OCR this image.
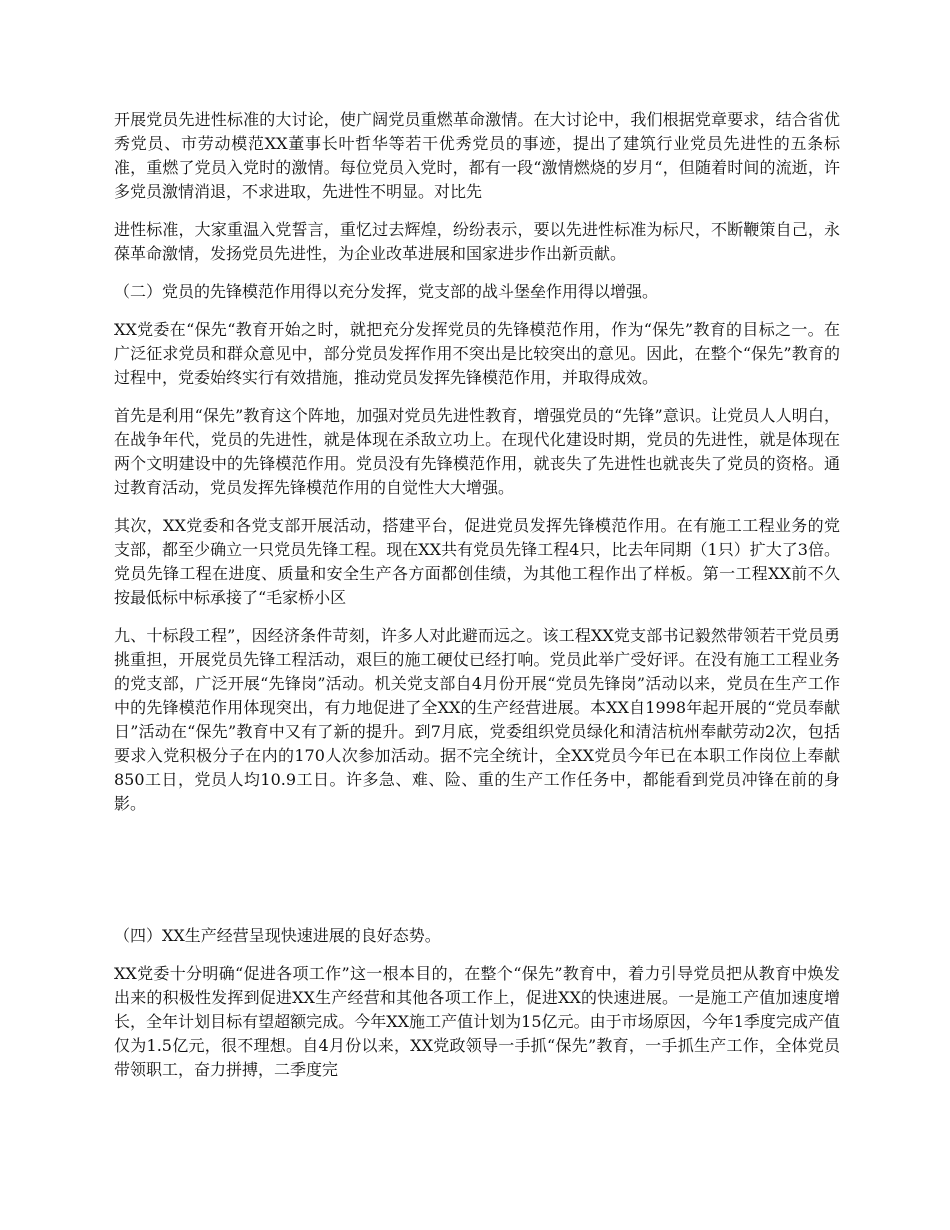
开展党员先进性标准的大讨论，使广阔党员重燃革命激情。在大讨论中，我们根据党章要求，结合省优秀党员、市劳动模范XX董事长叶哲华等若干优秀党员的事迹，提出了建筑行业党员先进性的五条标准，重燃了党员入党时的激情。每位党员入党时，都有一段“激情燃烧的岁月“，但随着时间的流逝，许多党员激情消退，不求进取，先进性不明显。对比先

进性标准，大家重温入党誓言，重忆过去辉煌，纷纷表示，要以先进性标准为标尺，不断鞭策自己，永葆革命激情，发扬党员先进性，为企业改革进展和国家进步作出新贡献。

（二）党员的先锋模范作用得以充分发挥，党支部的战斗堡垒作用得以增强。

XX党委在“保先“教育开始之时，就把充分发挥党员的先锋模范作用，作为“保先”教育的目标之一。在广泛征求党员和群众意见中，部分党员发挥作用不突出是比较突出的意见。因此，在整个“保先”教育的过程中，党委始终实行有效措施，推动党员发挥先锋模范作用，并取得成效。

首先是利用“保先”教育这个阵地，加强对党员先进性教育，增强党员的“先锋”意识。让党员人人明白，在战争年代，党员的先进性，就是体现在杀敌立功上。在现代化建设时期，党员的先进性，就是体现在两个文明建设中的先锋模范作用。党员没有先锋模范作用，就丧失了先进性也就丧失了党员的资格。通过教育活动，党员发挥先锋模范作用的自觉性大大增强。

其次，XX党委和各党支部开展活动，搭建平台，促进党员发挥先锋模范作用。在有施工工程业务的党支部，都至少确立一只党员先锋工程。现在XX共有党员先锋工程4只，比去年同期（1只）扩大了3倍。党员先锋工程在进度、质量和安全生产各方面都创佳绩，为其他工程作出了样板。第一工程XX前不久按最低标中标承接了“毛家桥小区

九、十标段工程”，因经济条件苛刻，许多人对此避而远之。该工程XX党支部书记毅然带领若干党员勇挑重担，开展党员先锋工程活动，艰巨的施工硬仗已经打响。党员此举广受好评。在没有施工工程业务的党支部，广泛开展“先锋岗”活动。机关党支部自4月份开展“党员先锋岗”活动以来，党员在生产工作中的先锋模范作用体现突出，有力地促进了全XX的生产经营进展。本XX自1998年起开展的“党员奉献日”活动在“保先”教育中又有了新的提升。到7月底，党委组织党员绿化和清洁杭州奉献劳动2次，包括要求入党积极分子在内的170人次参加活动。据不完全统计，全XX党员今年已在本职工作岗位上奉献850工日，党员人均10.9工日。许多急、难、险、重的生产工作任务中，都能看到党员冲锋在前的身影。

（四）XX生产经营呈现快速进展的良好态势。

XX党委十分明确“促进各项工作”这一根本目的，在整个“保先”教育中，着力引导党员把从教育中焕发出来的积极性发挥到促进XX生产经营和其他各项工作上，促进XX的快速进展。一是施工产值加速度增长，全年计划目标有望超额完成。今年XX施工产值计划为15亿元。由于市场原因，今年1季度完成产值仅为1.5亿元，很不理想。自4月份以来，XX党政领导一手抓“保先”教育，一手抓生产工作，全体党员带领职工，奋力拼搏，二季度完
